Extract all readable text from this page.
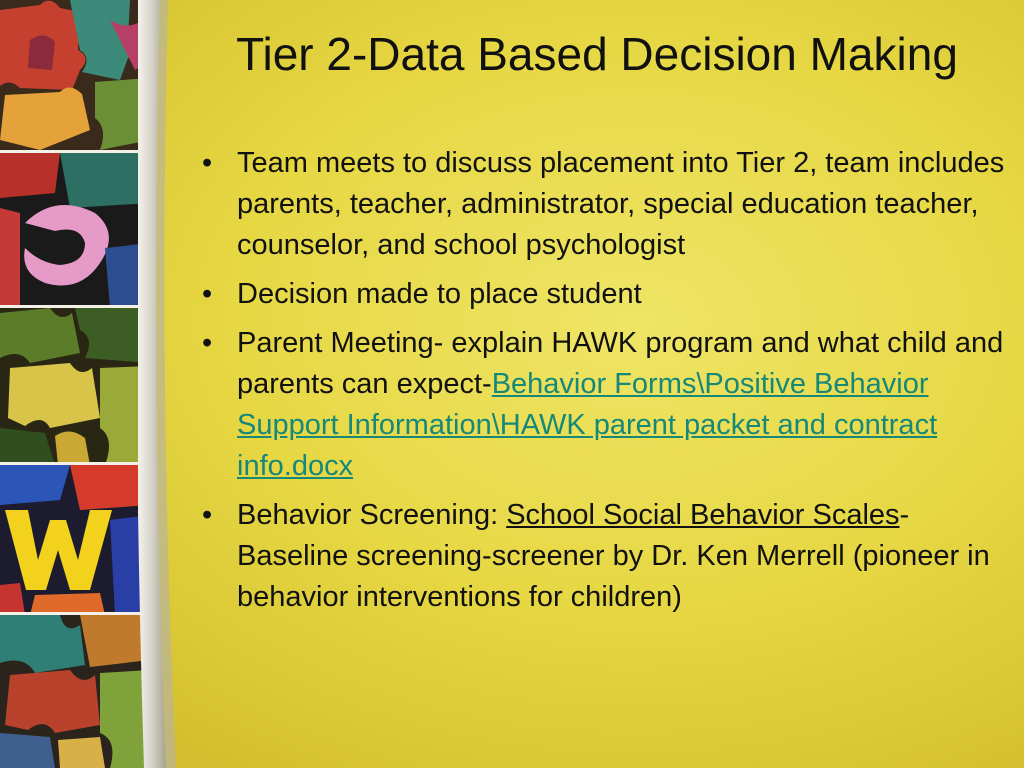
Tier 2-Data Based Decision Making
• Team meets to discuss placement into Tier 2, team includes parents, teacher, administrator, special education teacher, counselor, and school psychologist
• Decision made to place student
• Parent Meeting- explain HAWK program and what child and parents can expect-Behavior Forms\Positive Behavior Support Information\HAWK parent packet and contract info.docx
• Behavior Screening: School Social Behavior Scales-Baseline screening-screener by Dr. Ken Merrell (pioneer in behavior interventions for children)
